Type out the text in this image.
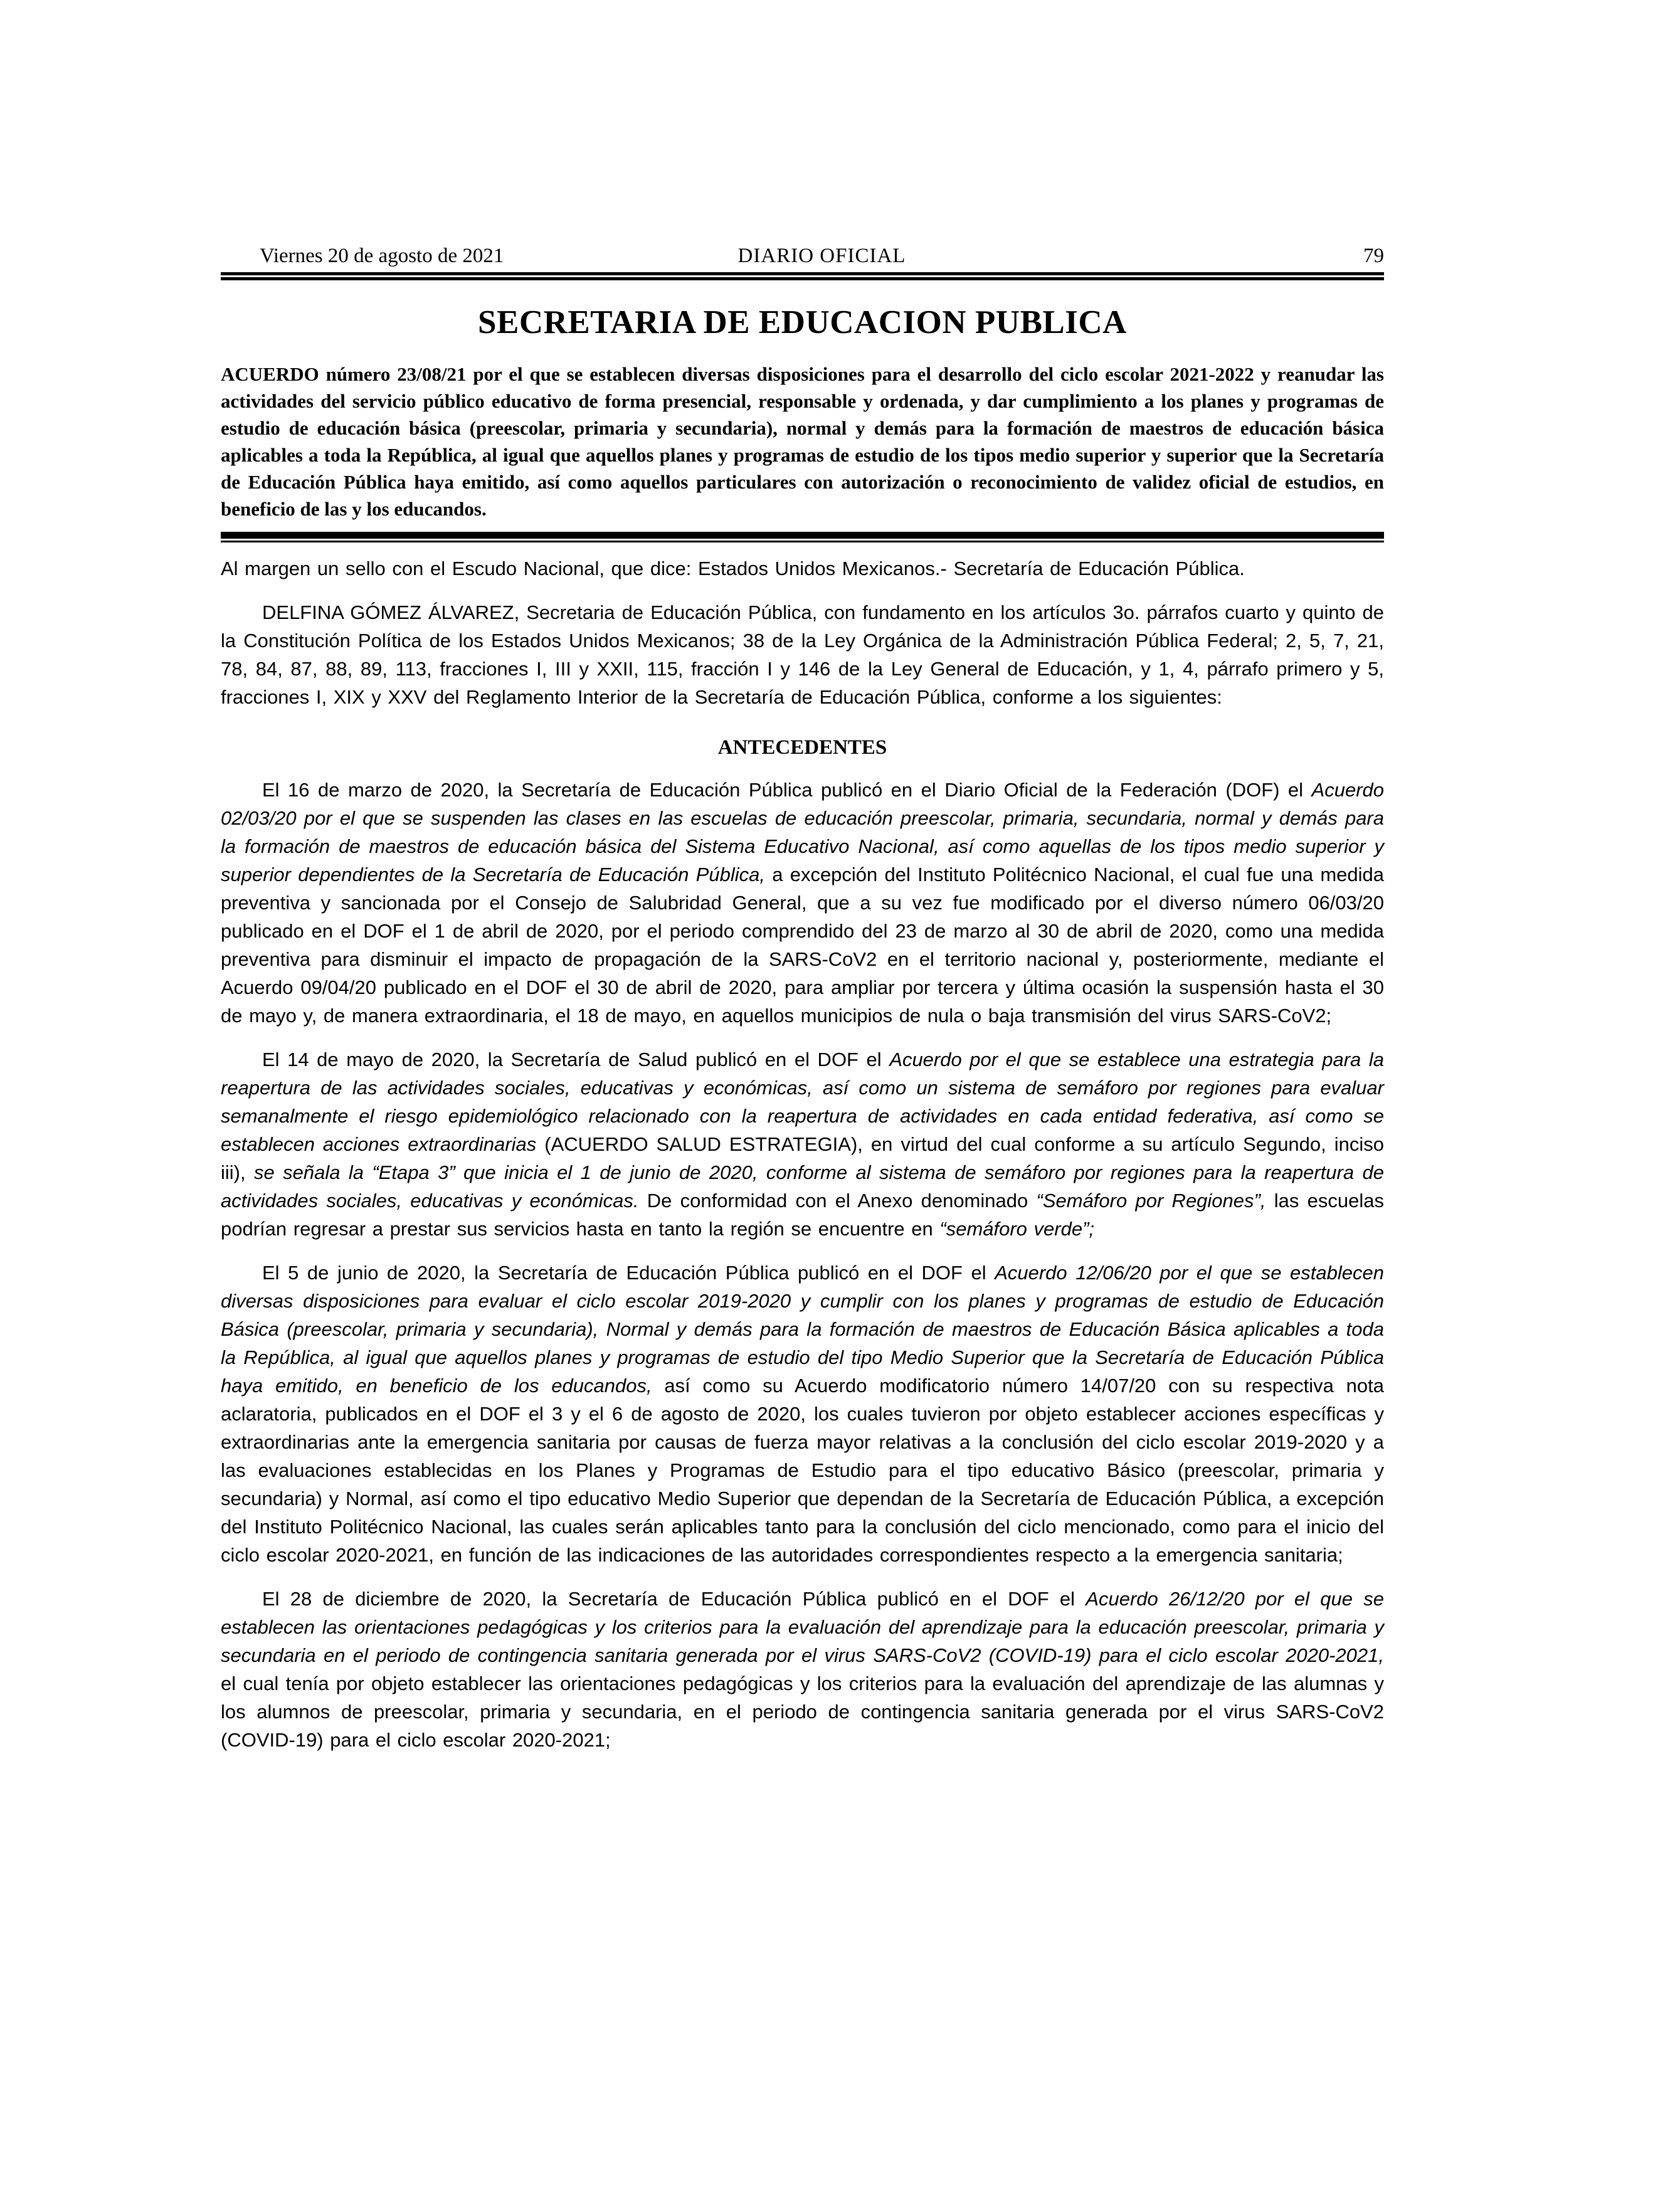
Viernes 20 de agosto de 2021	DIARIO OFICIAL	79
SECRETARIA DE EDUCACION PUBLICA
ACUERDO número 23/08/21 por el que se establecen diversas disposiciones para el desarrollo del ciclo escolar 2021-2022 y reanudar las actividades del servicio público educativo de forma presencial, responsable y ordenada, y dar cumplimiento a los planes y programas de estudio de educación básica (preescolar, primaria y secundaria), normal y demás para la formación de maestros de educación básica aplicables a toda la República, al igual que aquellos planes y programas de estudio de los tipos medio superior y superior que la Secretaría de Educación Pública haya emitido, así como aquellos particulares con autorización o reconocimiento de validez oficial de estudios, en beneficio de las y los educandos.

Al margen un sello con el Escudo Nacional, que dice: Estados Unidos Mexicanos.- Secretaría de Educación Pública.

DELFINA GÓMEZ ÁLVAREZ, Secretaria de Educación Pública, con fundamento en los artículos 3o. párrafos cuarto y quinto de la Constitución Política de los Estados Unidos Mexicanos; 38 de la Ley Orgánica de la Administración Pública Federal; 2, 5, 7, 21, 78, 84, 87, 88, 89, 113, fracciones I, III y XXII, 115, fracción I y 146 de la Ley General de Educación, y 1, 4, párrafo primero y 5, fracciones I, XIX y XXV del Reglamento Interior de la Secretaría de Educación Pública, conforme a los siguientes:

ANTECEDENTES

El 16 de marzo de 2020, la Secretaría de Educación Pública publicó en el Diario Oficial de la Federación (DOF) el Acuerdo 02/03/20 por el que se suspenden las clases en las escuelas de educación preescolar, primaria, secundaria, normal y demás para la formación de maestros de educación básica del Sistema Educativo Nacional, así como aquellas de los tipos medio superior y superior dependientes de la Secretaría de Educación Pública, a excepción del Instituto Politécnico Nacional, el cual fue una medida preventiva y sancionada por el Consejo de Salubridad General, que a su vez fue modificado por el diverso número 06/03/20 publicado en el DOF el 1 de abril de 2020, por el periodo comprendido del 23 de marzo al 30 de abril de 2020, como una medida preventiva para disminuir el impacto de propagación de la SARS-CoV2 en el territorio nacional y, posteriormente, mediante el Acuerdo 09/04/20 publicado en el DOF el 30 de abril de 2020, para ampliar por tercera y última ocasión la suspensión hasta el 30 de mayo y, de manera extraordinaria, el 18 de mayo, en aquellos municipios de nula o baja transmisión del virus SARS-CoV2;

El 14 de mayo de 2020, la Secretaría de Salud publicó en el DOF el Acuerdo por el que se establece una estrategia para la reapertura de las actividades sociales, educativas y económicas, así como un sistema de semáforo por regiones para evaluar semanalmente el riesgo epidemiológico relacionado con la reapertura de actividades en cada entidad federativa, así como se establecen acciones extraordinarias (ACUERDO SALUD ESTRATEGIA), en virtud del cual conforme a su artículo Segundo, inciso iii), se señala la “Etapa 3” que inicia el 1 de junio de 2020, conforme al sistema de semáforo por regiones para la reapertura de actividades sociales, educativas y económicas. De conformidad con el Anexo denominado “Semáforo por Regiones”, las escuelas podrían regresar a prestar sus servicios hasta en tanto la región se encuentre en “semáforo verde”;

El 5 de junio de 2020, la Secretaría de Educación Pública publicó en el DOF el Acuerdo 12/06/20 por el que se establecen diversas disposiciones para evaluar el ciclo escolar 2019-2020 y cumplir con los planes y programas de estudio de Educación Básica (preescolar, primaria y secundaria), Normal y demás para la formación de maestros de Educación Básica aplicables a toda la República, al igual que aquellos planes y programas de estudio del tipo Medio Superior que la Secretaría de Educación Pública haya emitido, en beneficio de los educandos, así como su Acuerdo modificatorio número 14/07/20 con su respectiva nota aclaratoria, publicados en el DOF el 3 y el 6 de agosto de 2020, los cuales tuvieron por objeto establecer acciones específicas y extraordinarias ante la emergencia sanitaria por causas de fuerza mayor relativas a la conclusión del ciclo escolar 2019-2020 y a las evaluaciones establecidas en los Planes y Programas de Estudio para el tipo educativo Básico (preescolar, primaria y secundaria) y Normal, así como el tipo educativo Medio Superior que dependan de la Secretaría de Educación Pública, a excepción del Instituto Politécnico Nacional, las cuales serán aplicables tanto para la conclusión del ciclo mencionado, como para el inicio del ciclo escolar 2020-2021, en función de las indicaciones de las autoridades correspondientes respecto a la emergencia sanitaria;

El 28 de diciembre de 2020, la Secretaría de Educación Pública publicó en el DOF el Acuerdo 26/12/20 por el que se establecen las orientaciones pedagógicas y los criterios para la evaluación del aprendizaje para la educación preescolar, primaria y secundaria en el periodo de contingencia sanitaria generada por el virus SARS-CoV2 (COVID-19) para el ciclo escolar 2020-2021, el cual tenía por objeto establecer las orientaciones pedagógicas y los criterios para la evaluación del aprendizaje de las alumnas y los alumnos de preescolar, primaria y secundaria, en el periodo de contingencia sanitaria generada por el virus SARS-CoV2 (COVID-19) para el ciclo escolar 2020-2021;
